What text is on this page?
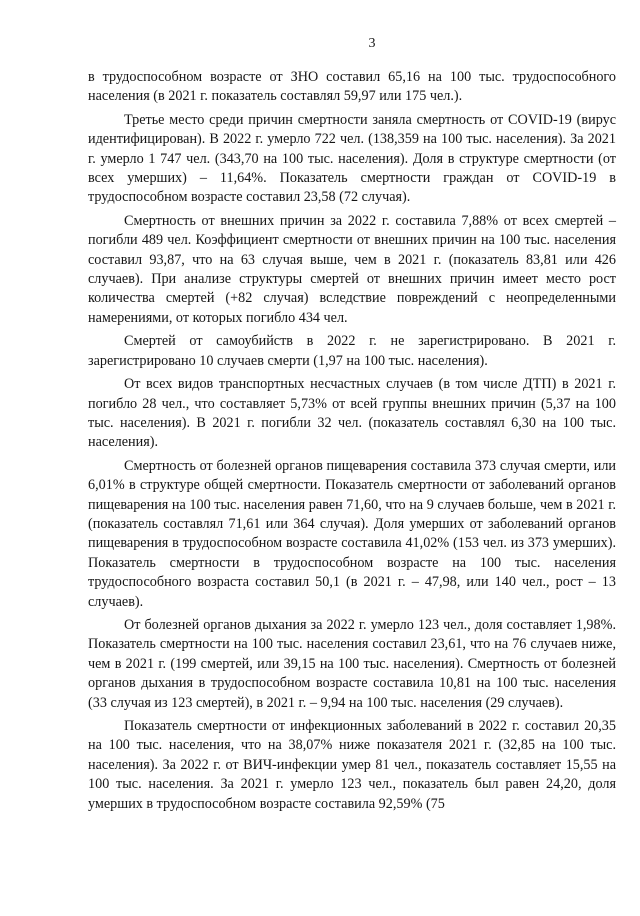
3

в трудоспособном возрасте от ЗНО составил 65,16 на 100 тыс. трудоспособного населения (в 2021 г. показатель составлял 59,97 или 175 чел.).

Третье место среди причин смертности заняла смертность от COVID-19 (вирус идентифицирован). В 2022 г. умерло 722 чел. (138,359 на 100 тыс. населения). За 2021 г. умерло 1 747 чел. (343,70 на 100 тыс. населения). Доля в структуре смертности (от всех умерших) – 11,64%. Показатель смертности граждан от COVID-19 в трудоспособном возрасте составил 23,58 (72 случая).

Смертность от внешних причин за 2022 г. составила 7,88% от всех смертей – погибли 489 чел. Коэффициент смертности от внешних причин на 100 тыс. населения составил 93,87, что на 63 случая выше, чем в 2021 г. (показатель 83,81 или 426 случаев). При анализе структуры смертей от внешних причин имеет место рост количества смертей (+82 случая) вследствие повреждений с неопределенными намерениями, от которых погибло 434 чел.

Смертей от самоубийств в 2022 г. не зарегистрировано. В 2021 г. зарегистрировано 10 случаев смерти (1,97 на 100 тыс. населения).

От всех видов транспортных несчастных случаев (в том числе ДТП) в 2021 г. погибло 28 чел., что составляет 5,73% от всей группы внешних причин (5,37 на 100 тыс. населения). В 2021 г. погибли 32 чел. (показатель составлял 6,30 на 100 тыс. населения).

Смертность от болезней органов пищеварения составила 373 случая смерти, или 6,01% в структуре общей смертности. Показатель смертности от заболеваний органов пищеварения на 100 тыс. населения равен 71,60, что на 9 случаев больше, чем в 2021 г. (показатель составлял 71,61 или 364 случая). Доля умерших от заболеваний органов пищеварения в трудоспособном возрасте составила 41,02% (153 чел. из 373 умерших). Показатель смертности в трудоспособном возрасте на 100 тыс. населения трудоспособного возраста составил 50,1 (в 2021 г. – 47,98, или 140 чел., рост – 13 случаев).

От болезней органов дыхания за 2022 г. умерло 123 чел., доля составляет 1,98%. Показатель смертности на 100 тыс. населения составил 23,61, что на 76 случаев ниже, чем в 2021 г. (199 смертей, или 39,15 на 100 тыс. населения). Смертность от болезней органов дыхания в трудоспособном возрасте составила 10,81 на 100 тыс. населения (33 случая из 123 смертей), в 2021 г. – 9,94 на 100 тыс. населения (29 случаев).

Показатель смертности от инфекционных заболеваний в 2022 г. составил 20,35 на 100 тыс. населения, что на 38,07% ниже показателя 2021 г. (32,85 на 100 тыс. населения). За 2022 г. от ВИЧ-инфекции умер 81 чел., показатель составляет 15,55 на 100 тыс. населения. За 2021 г. умерло 123 чел., показатель был равен 24,20, доля умерших в трудоспособном возрасте составила 92,59% (75
